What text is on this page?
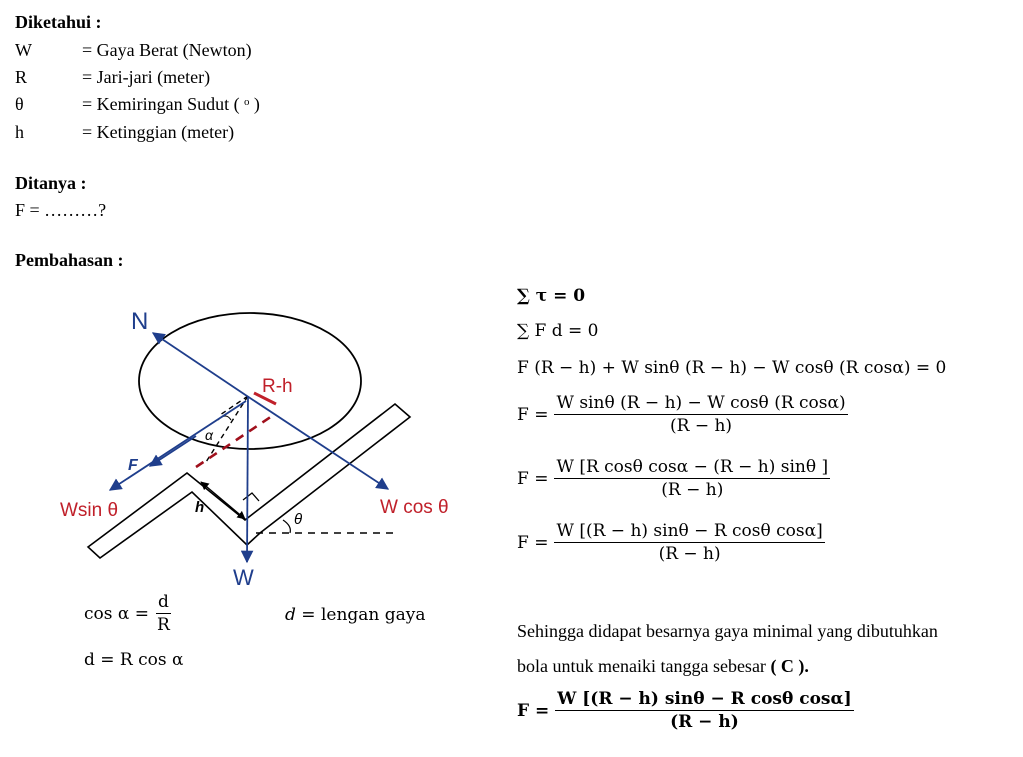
Diketahui :
W	= Gaya Berat (Newton)
R	= Jari-jari (meter)
θ	= Kemiringan Sudut ( ᵒ )
h	= Ketinggian (meter)
Ditanya :
F = ………?
Pembahasan :
N
R-h
F
α
Wsin θ	W cos θ
h
θ
W
$\cos \alpha = \frac{d}{R}$
d = R cos α
d = lengan gaya
∑ τ = 0
∑ F d = 0
F (R − h) + W sinθ (R − h) − W cosθ (R cosα) = 0
$F = \frac{\text{W sinθ (R − h) − W cosθ (R cosα)}}{(R - h)}$
$F = \frac{\text{W [R cosθ cosα − (R − h) sinθ ]}}{(R - h)}$
$F = \frac{\text{W [(R − h) sinθ − R cosθ cosα]}}{(R - h)}$
Sehingga didapat besarnya gaya minimal yang dibutuhkan
bola untuk menaiki tangga sebesar ( C ).
$F = \frac{\text{W [(R − h) sinθ − R cosθ cosα]}}{(R - h)}$
